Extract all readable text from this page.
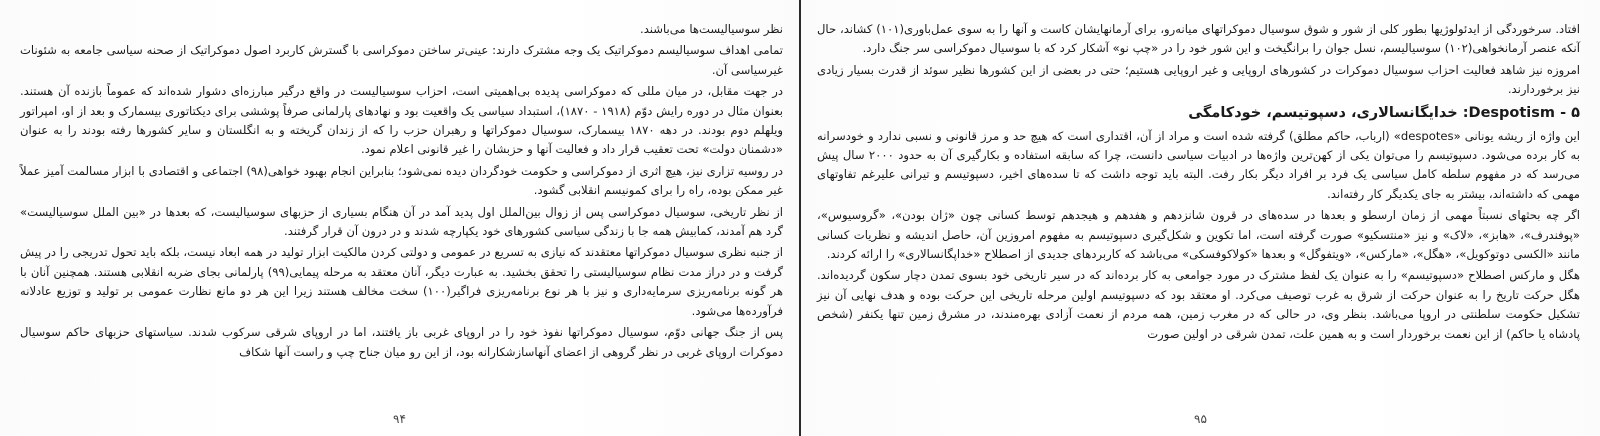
نظر سوسیالیست‌ها می‌باشند.

تمامی اهداف سوسیالیسم دموکراتیک یک وجه مشترک دارند: عینی‌تر ساختن دموکراسی با گسترش کاربرد اصول دموکراتیک از صحنه سیاسی جامعه به شئونات غیرسیاسی آن.

در جهت مقابل، در میان مللی که دموکراسی پدیده بی‌اهمیتی است، احزاب سوسیالیست در واقع درگیر مبارزه‌ای دشوار شده‌اند که عموماً بازنده آن هستند. بعنوان مثال در دوره رایش دوّم (۱۹۱۸ - ۱۸۷۰)، استبداد سیاسی یک واقعیت بود و نهادهای پارلمانی صرفاً پوششی برای دیکتاتوری بیسمارک و بعد از او، امپراتور ویلهلم دوم بودند. در دهه ۱۸۷۰ بیسمارک، سوسیال دموکراتها و رهبران حزب را که از زندان گریخته و به انگلستان و سایر کشورها رفته بودند را به عنوان «دشمنان دولت» تحت تعقیب قرار داد و فعالیت آنها و حزبشان را غیر قانونی اعلام نمود.

در روسیه تزاری نیز، هیچ اثری از دموکراسی و حکومت خودگردان دیده نمی‌شود؛ بنابراین انجام بهبود خواهی(۹۸) اجتماعی و اقتصادی با ابزار مسالمت آمیز عملاً غیر ممکن بوده، راه را برای کمونیسم انقلابی گشود.

از نظر تاریخی، سوسیال دموکراسی پس از زوال بین‌الملل اول پدید آمد در آن هنگام بسیاری از حزبهای سوسیالیست، که بعدها در «بین الملل سوسیالیست» گرد هم آمدند، کمابیش همه جا با زندگی سیاسی کشورهای خود یکپارچه شدند و در درون آن قرار گرفتند.

از جنبه نظری سوسیال دموکراتها معتقدند که نیازی به تسریع در عمومی و دولتی کردن مالکیت ابزار تولید در همه ابعاد نیست، بلکه باید تحول تدریجی را در پیش گرفت و در دراز مدت نظام سوسیالیستی را تحقق بخشید. به عبارت دیگر، آنان معتقد به مرحله پیمایی(۹۹) پارلمانی بجای ضربه انقلابی هستند. همچنین آنان با هر گونه برنامه‌ریزی سرمایه‌داری و نیز با هر نوع برنامه‌ریزی فراگیر(۱۰۰) سخت مخالف هستند زیرا این هر دو مانع نظارت عمومی بر تولید و توزیع عادلانه فرآورده‌ها می‌شود.

پس از جنگ جهانی دوّم، سوسیال دموکراتها نفوذ خود را در اروپای غربی باز یافتند، اما در اروپای شرقی سرکوب شدند. سیاستهای حزبهای حاکم سوسیال دموکرات اروپای غربی در نظر گروهی از اعضای آنهاسازشکارانه بود، از این رو میان جناح چپ و راست آنها شکاف

۹۴

افتاد. سرخوردگی از ایدئولوژیها بطور کلی از شور و شوق سوسیال دموکراتهای میانه‌رو، برای آرمانهایشان کاست و آنها را به سوی عمل‌باوری(۱۰۱) کشاند، حال آنکه عنصر آرمانخواهی(۱۰۲) سوسیالیسم، نسل جوان را برانگیخت و این شور خود را در «چپ نو» آشکار کرد که با سوسیال دموکراسی سر جنگ دارد.

امروزه نیز شاهد فعالیت احزاب سوسیال دموکرات در کشورهای اروپایی و غیر اروپایی هستیم؛ حتی در بعضی از این کشورها نظیر سوئد از قدرت بسیار زیادی نیز برخوردارند.

۵ - Despotism: خدایگانسالاری، دسپوتیسم، خودکامگی

این واژه از ریشه یونانی «despotes» (ارباب، حاکم مطلق) گرفته شده است و مراد از آن، اقتداری است که هیچ حد و مرز قانونی و نسبی ندارد و خودسرانه به کار برده می‌شود. دسپوتیسم را می‌توان یکی از کهن‌ترین واژه‌ها در ادبیات سیاسی دانست، چرا که سابقه استفاده و بکارگیری آن به حدود ۲۰۰۰ سال پیش می‌رسد که در مفهوم سلطه کامل سیاسی یک فرد بر افراد دیگر بکار رفت. البته باید توجه داشت که تا سده‌های اخیر، دسپوتیسم و تیرانی علیرغم تفاوتهای مهمی که داشته‌اند، بیشتر به جای یکدیگر کار رفته‌اند.

اگر چه بحثهای نسبتاً مهمی از زمان ارسطو و بعدها در سده‌های در قرون شانزدهم و هفدهم و هیجدهم توسط کسانی چون «ژان بودن»، «گروسیوس»، «پوفندرف»، «هابز»، «لاک» و نیز «منتسکیو» صورت گرفته است، اما تکوین و شکل‌گیری دسپوتیسم به مفهوم امروزین آن، حاصل اندیشه و نظریات کسانی مانند «الکسی دوتوکویل»، «هگل»، «مارکس»، «ویتفوگل» و بعدها «کولاکوفسکی» می‌باشد که کاربردهای جدیدی از اصطلاح «خداپگانسالاری» را ارائه کردند.

هگل و مارکس اصطلاح «دسپوتیسم» را به عنوان یک لفظ مشترک در مورد جوامعی به کار برده‌اند که در سیر تاریخی خود بسوی تمدن دچار سکون گردیده‌اند. هگل حرکت تاریخ را به عنوان حرکت از شرق به غرب توصیف می‌کرد. او معتقد بود که دسپوتیسم اولین مرحله تاریخی این حرکت بوده و هدف نهایی آن نیز تشکیل حکومت سلطنتی در اروپا می‌باشد. بنظر وی، در حالی که در مغرب زمین، همه مردم از نعمت آزادی بهره‌مندند، در مشرق زمین تنها یکنفر (شخص پادشاه یا حاکم) از این نعمت برخوردار است و به همین علت، تمدن شرقی در اولین صورت

۹۵
